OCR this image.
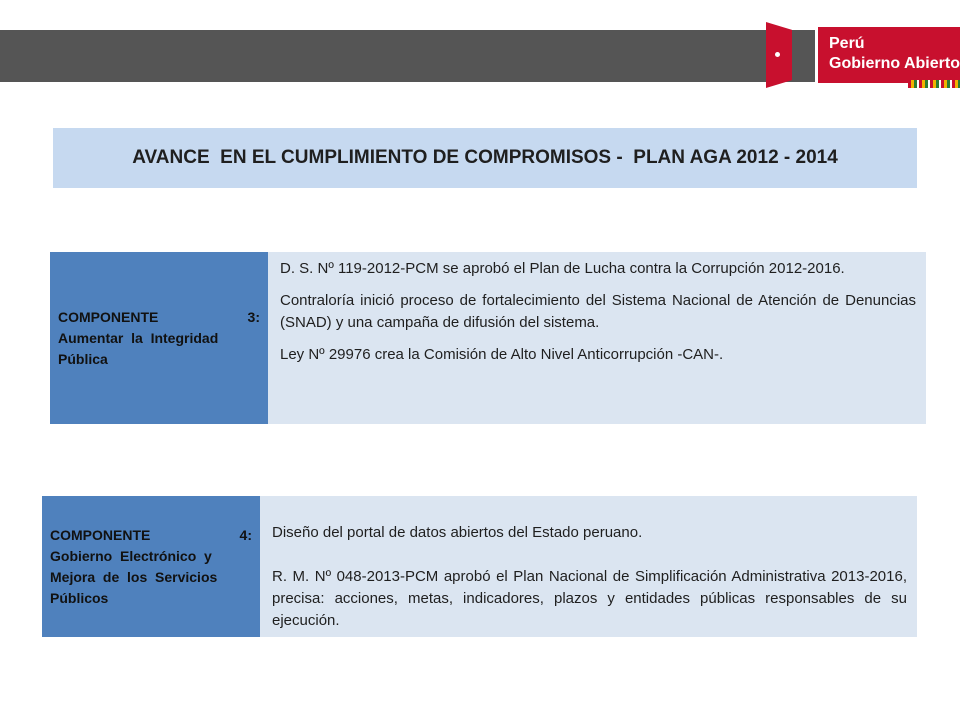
Perú
Gobierno Abierto
AVANCE  EN EL CUMPLIMIENTO DE COMPROMISOS -  PLAN AGA 2012 - 2014
COMPONENTE	3:
Aumentar  la  Integridad
Pública

D. S. Nº 119-2012-PCM se aprobó el Plan de Lucha contra la Corrupción 2012-2016.

Contraloría inició proceso de fortalecimiento del Sistema Nacional de Atención de Denuncias (SNAD) y una campaña de difusión del sistema.

Ley Nº 29976 crea la Comisión de Alto Nivel Anticorrupción -CAN-.

COMPONENTE	4:
Gobierno  Electrónico  y
Mejora  de  los  Servicios
Públicos

Diseño del portal de datos abiertos del Estado peruano.

R. M. Nº 048-2013-PCM aprobó el Plan Nacional de Simplificación Administrativa 2013-2016, precisa: acciones, metas, indicadores, plazos y entidades públicas responsables de su ejecución.
